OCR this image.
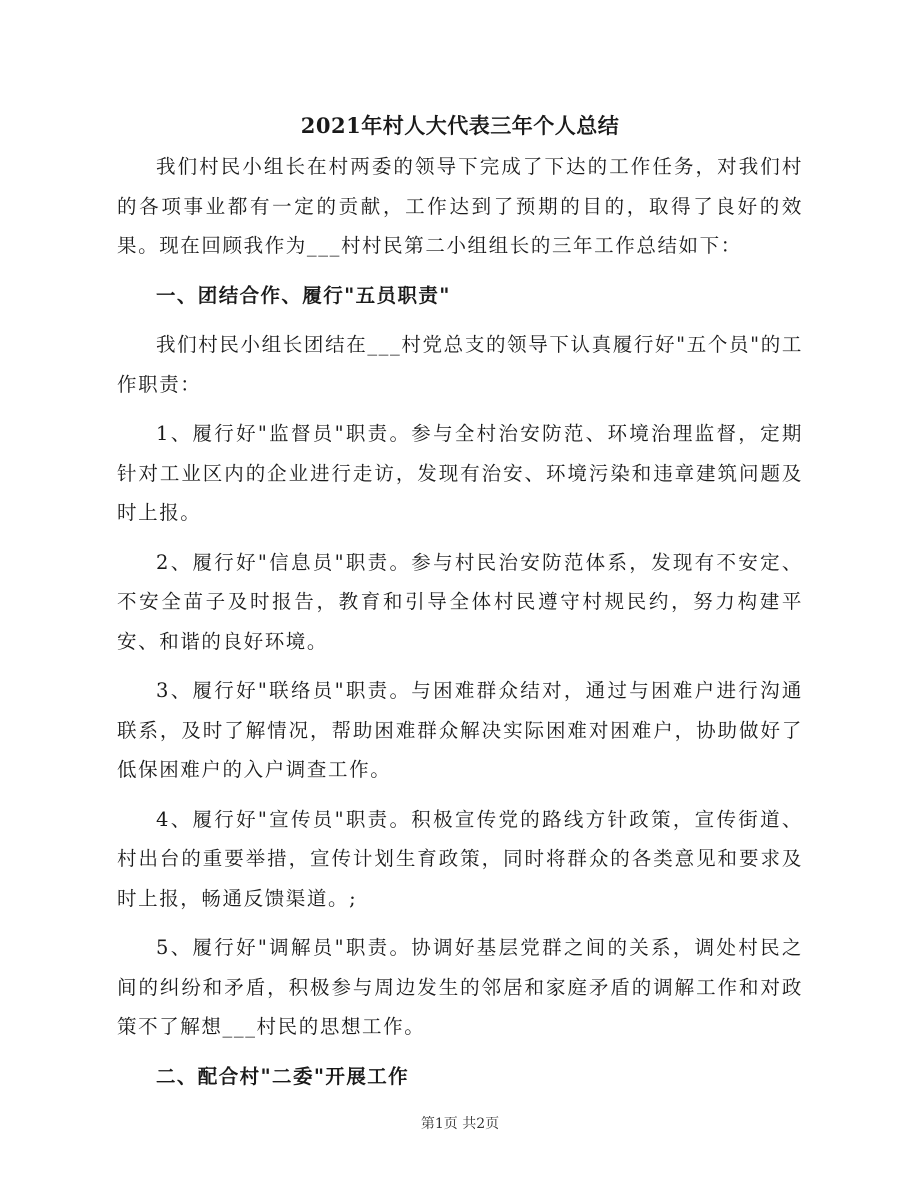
2021年村人大代表三年个人总结

我们村民小组长在村两委的领导下完成了下达的工作任务，对我们村的各项事业都有一定的贡献，工作达到了预期的目的，取得了良好的效果。现在回顾我作为___村村民第二小组组长的三年工作总结如下：

一、团结合作、履行"五员职责"

我们村民小组长团结在___村党总支的领导下认真履行好"五个员"的工作职责：

1、履行好"监督员"职责。参与全村治安防范、环境治理监督，定期针对工业区内的企业进行走访，发现有治安、环境污染和违章建筑问题及时上报。

2、履行好"信息员"职责。参与村民治安防范体系，发现有不安定、不安全苗子及时报告，教育和引导全体村民遵守村规民约，努力构建平安、和谐的良好环境。

3、履行好"联络员"职责。与困难群众结对，通过与困难户进行沟通联系，及时了解情况，帮助困难群众解决实际困难对困难户，协助做好了低保困难户的入户调查工作。

4、履行好"宣传员"职责。积极宣传党的路线方针政策，宣传街道、村出台的重要举措，宣传计划生育政策，同时将群众的各类意见和要求及时上报，畅通反馈渠道。;

5、履行好"调解员"职责。协调好基层党群之间的关系，调处村民之间的纠纷和矛盾，积极参与周边发生的邻居和家庭矛盾的调解工作和对政策不了解想___村民的思想工作。

二、配合村"二委"开展工作

第1页 共2页
